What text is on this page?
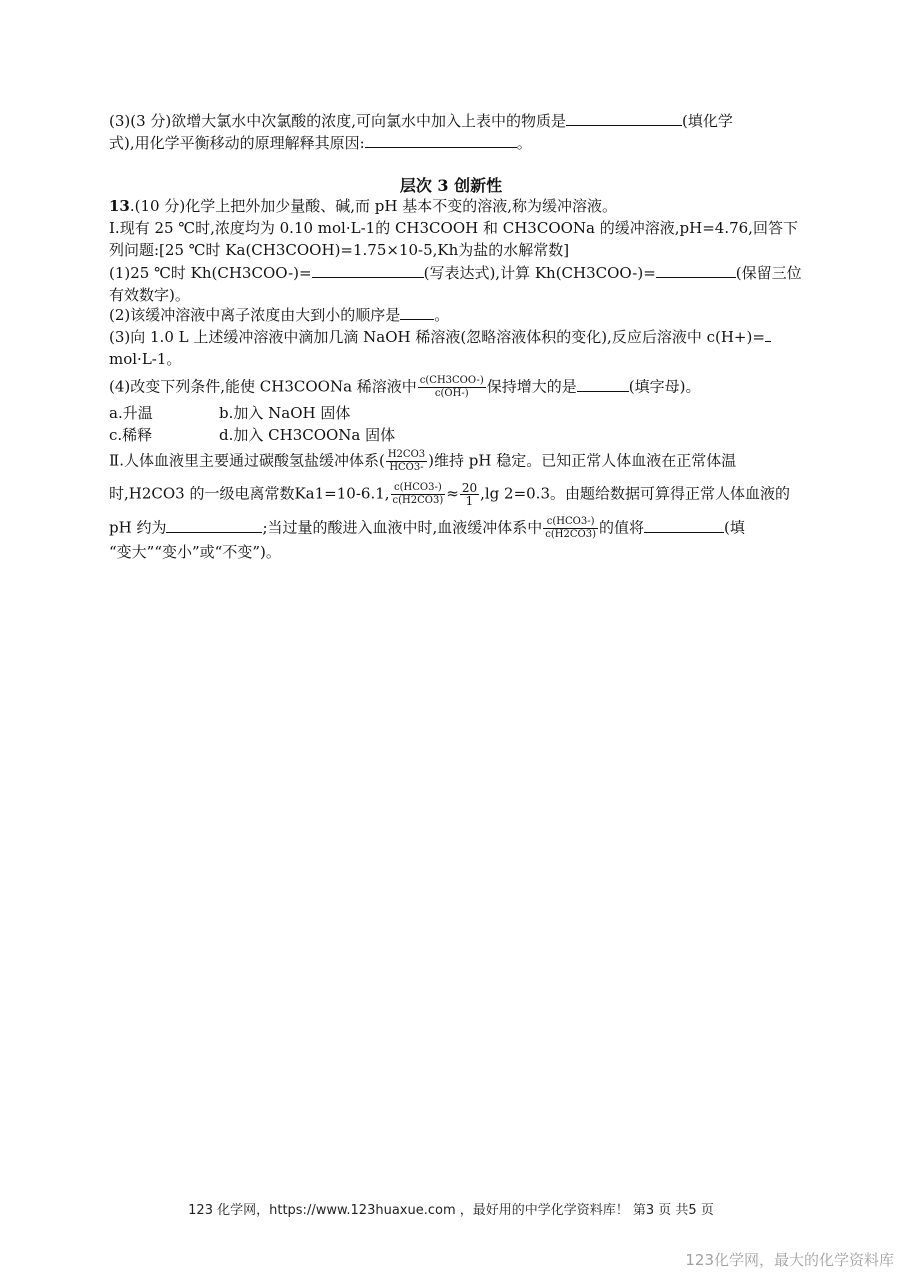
(3)(3 分)欲增大氯水中次氯酸的浓度,可向氯水中加入上表中的物质是	(填化学
式),用化学平衡移动的原理解释其原因:	。
层次 3 创新性
13.(10 分)化学上把外加少量酸、碱,而 pH 基本不变的溶液,称为缓冲溶液。
Ⅰ.现有 25 ℃时,浓度均为 0.10 mol·L-1的 CH3COOH 和 CH3COONa 的缓冲溶液,pH=4.76,回答下
列问题:[25 ℃时 Ka(CH3COOH)=1.75×10-5,Kh为盐的水解常数]
(1)25 ℃时 Kh(CH3COO-)=	(写表达式),计算 Kh(CH3COO-)=	(保留三位
有效数字)。
(2)该缓冲溶液中离子浓度由大到小的顺序是 。
(3)向 1.0 L 上述缓冲溶液中滴加几滴 NaOH 稀溶液(忽略溶液体积的变化),反应后溶液中 c(H+)=
mol·L-1。
(4)改变下列条件,能使 CH3COONa 稀溶液中 $\frac{\text{c(CH3COO-)}}{c(OH-)}$ 保持增大的是	(填字母)。
a.升温	b.加入 NaOH 固体
c.稀释	d.加入 CH3COONa 固体
Ⅱ.人体血液里主要通过碳酸氢盐缓冲体系( $\frac{H2CO3}{\text{HCO3-}}$ )维持 pH 稳定。已知正常人体血液在正常体温
时,H2CO3 的一级电离常数Ka1=10-6.1, $\frac{\text{c(HCO3-)}}{c(H2CO3)} \approx \frac{20}{1} ,\lg$ 2=0.3。由题给数据可算得正常人体血液的
pH 约为	;当过量的酸进入血液中时,血液缓冲体系中 $\frac{\text{c(HCO3-)}}{c(H2CO3)}$ 的值将	(填
“变大”“变小”或“不变”)。
123 化学网，https://www.123huaxue.com ，最好用的中学化学资料库！ 第3 页 共5 页
123化学网，最大的化学资料库
